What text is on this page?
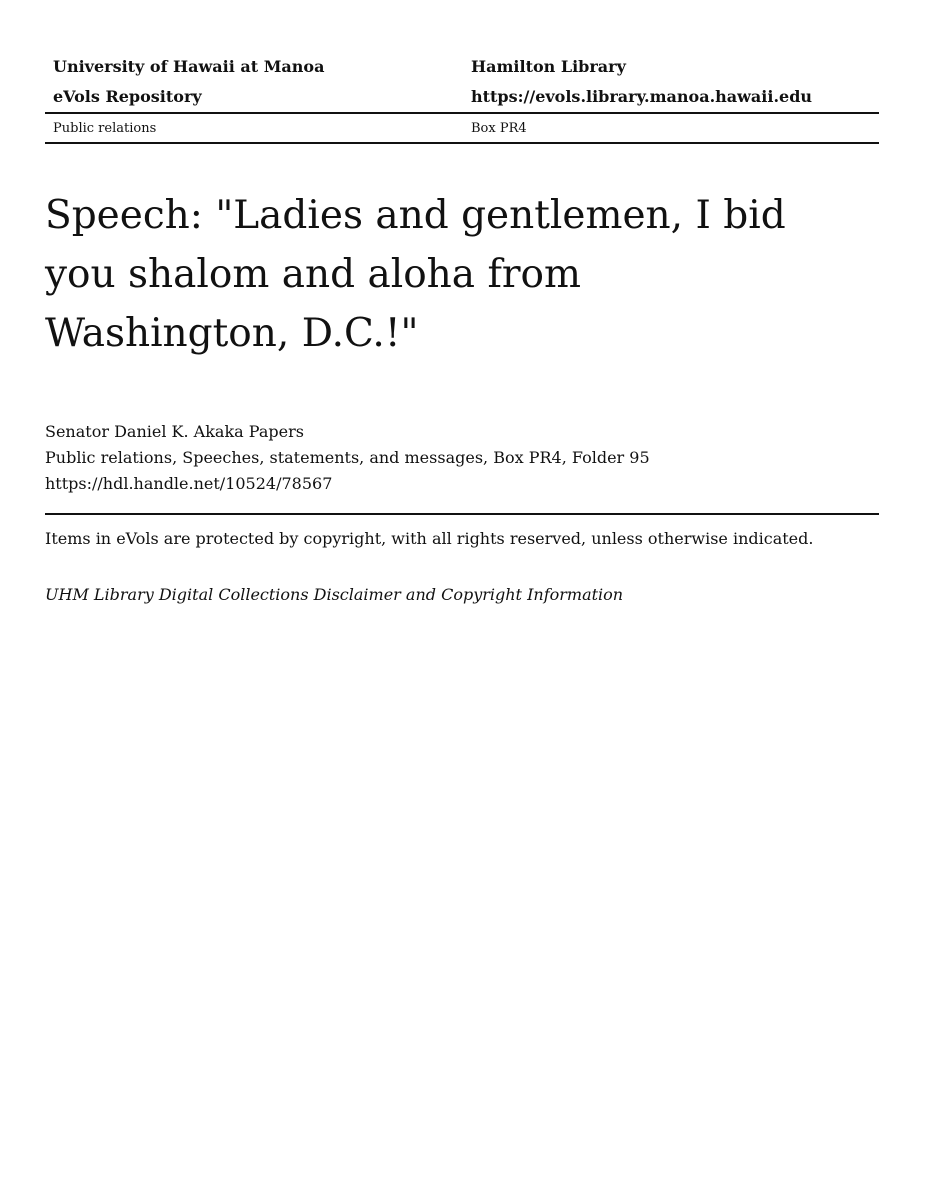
University of Hawaii at Manoa	Hamilton Library
eVols Repository	https://evols.library.manoa.hawaii.edu
Public relations	Box PR4
Speech: "Ladies and gentlemen, I bid you shalom and aloha from Washington, D.C.!"
Senator Daniel K. Akaka Papers
Public relations, Speeches, statements, and messages, Box PR4, Folder 95
https://hdl.handle.net/10524/78567
Items in eVols are protected by copyright, with all rights reserved, unless otherwise indicated.
UHM Library Digital Collections Disclaimer and Copyright Information
